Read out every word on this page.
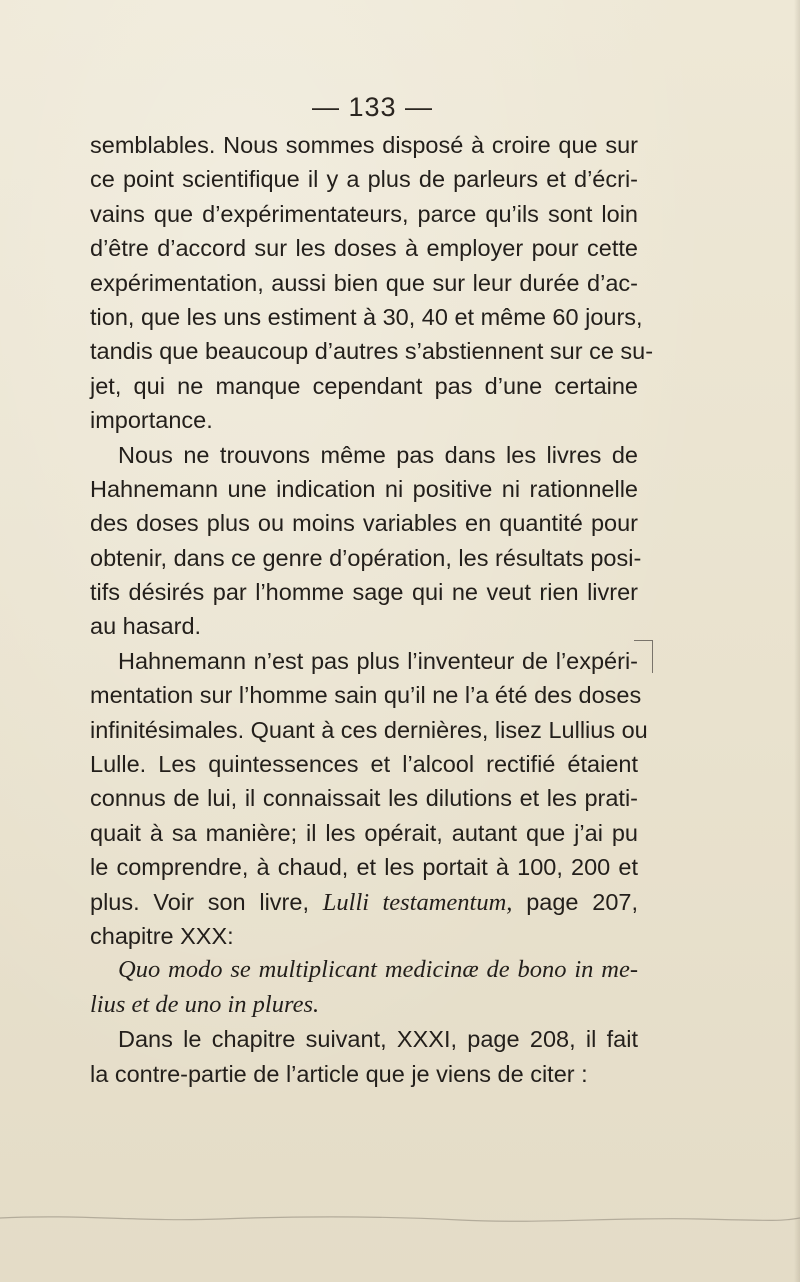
— 133 —
semblables. Nous sommes disposé à croire que sur
ce point scientifique il y a plus de parleurs et d’écri-
vains que d’expérimentateurs, parce qu’ils sont loin
d’être d’accord sur les doses à employer pour cette
expérimentation, aussi bien que sur leur durée d’ac-
tion, que les uns estiment à 30, 40 et même 60 jours,
tandis que beaucoup d’autres s’abstiennent sur ce su-
jet, qui ne manque cependant pas d’une certaine
importance.
Nous ne trouvons même pas dans les livres de
Hahnemann une indication ni positive ni rationnelle
des doses plus ou moins variables en quantité pour
obtenir, dans ce genre d’opération, les résultats posi-
tifs désirés par l’homme sage qui ne veut rien livrer
au hasard.
Hahnemann n’est pas plus l’inventeur de l’expéri-
mentation sur l’homme sain qu’il ne l’a été des doses
infinitésimales. Quant à ces dernières, lisez Lullius ou
Lulle. Les quintessences et l’alcool rectifié étaient
connus de lui, il connaissait les dilutions et les prati-
quait à sa manière; il les opérait, autant que j’ai pu
le comprendre, à chaud, et les portait à 100, 200 et
plus. Voir son livre, Lulli testamentum, page 207,
chapitre XXX:
Quo modo se multiplicant medicinæ de bono in me-
lius et de uno in plures.
Dans le chapitre suivant, XXXI, page 208, il fait
la contre-partie de l’article que je viens de citer :
